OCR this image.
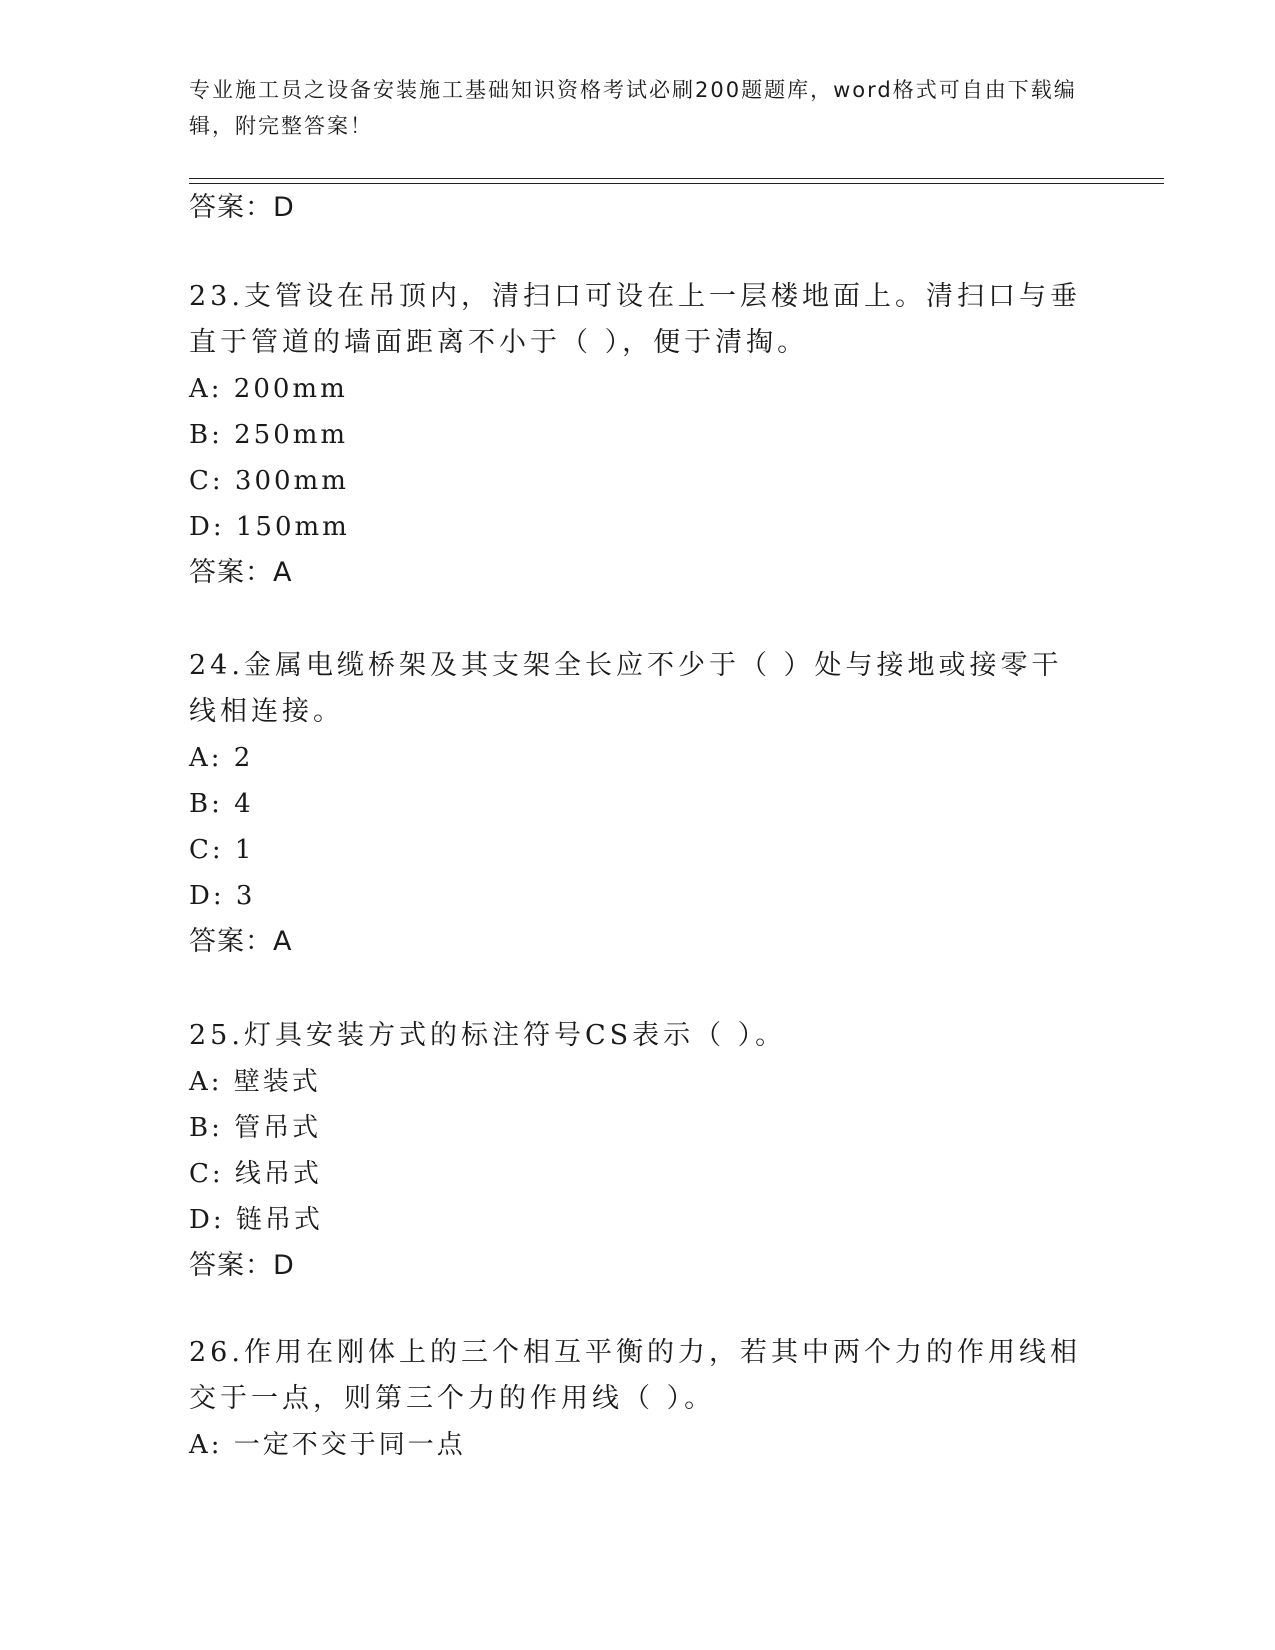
专业施工员之设备安装施工基础知识资格考试必刷200题题库，word格式可自由下载编辑，附完整答案！
答案：D

23.支管设在吊顶内，清扫口可设在上一层楼地面上。清扫口与垂直于管道的墙面距离不小于（ ），便于清掏。

A: 200mm

B: 250mm

C: 300mm

D: 150mm

答案：A

24.金属电缆桥架及其支架全长应不少于（ ）处与接地或接零干线相连接。

A: 2

B: 4

C: 1

D: 3

答案：A

25.灯具安装方式的标注符号CS表示（ ）。

A: 壁装式

B: 管吊式

C: 线吊式

D: 链吊式

答案：D

26.作用在刚体上的三个相互平衡的力，若其中两个力的作用线相交于一点，则第三个力的作用线（ ）。

A: 一定不交于同一点
